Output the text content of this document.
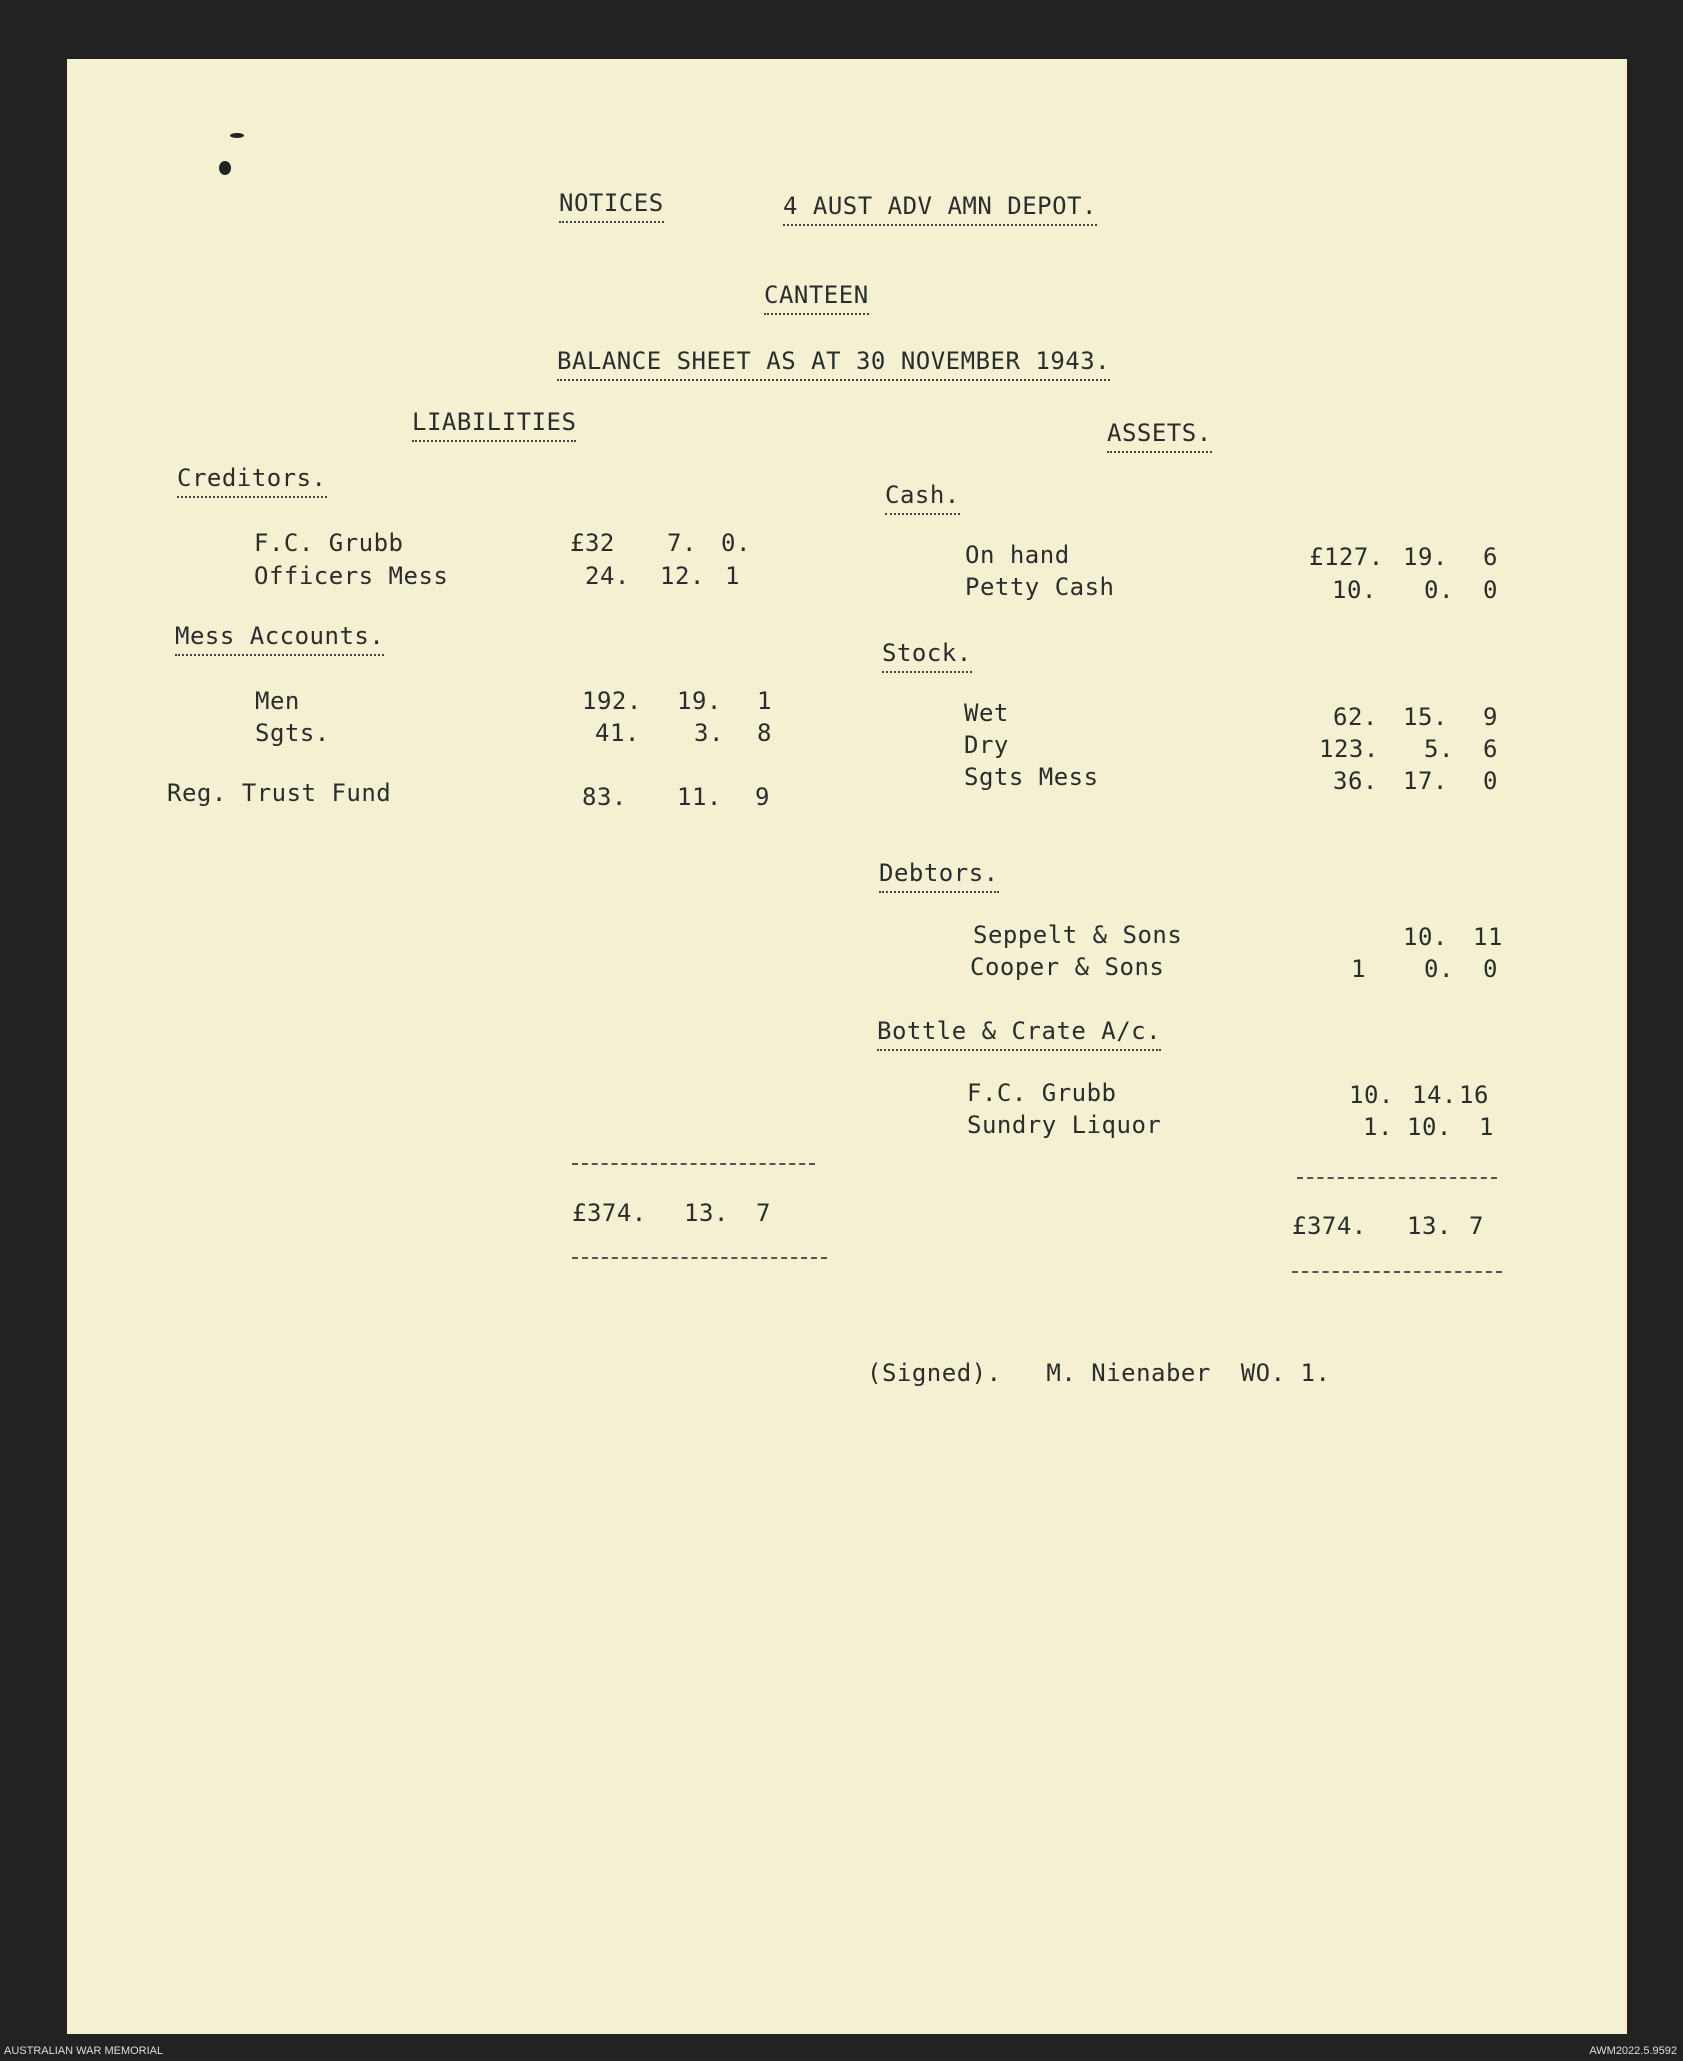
NOTICES	4 AUST ADV AMN DEPOT.
CANTEEN
BALANCE SHEET AS AT 30 NOVEMBER 1943.
LIABILITIES	ASSETS.
Creditors.
F.C. Grubb	£32 7. 0.
Officers Mess	24. 12. 1
Mess Accounts.
Men	192. 19. 1
Sgts.	41. 3. 8
Reg. Trust Fund	83. 11. 9
£374. 13. 7
Cash.
On hand	£127. 19. 6
Petty Cash	10. 0. 0
Stock.
Wet	62. 15. 9
Dry	123. 5. 6
Sgts Mess	36. 17. 0
Debtors.
Seppelt & Sons	10. 11
Cooper & Sons	1 0. 0
Bottle & Crate A/c.
F.C. Grubb	10. 14. 16
Sundry Liquor	1. 10. 1
£374. 13. 7
(Signed).   M. Nienaber  WO. 1.
AUSTRALIAN WAR MEMORIAL	AWM2022.5.9592
